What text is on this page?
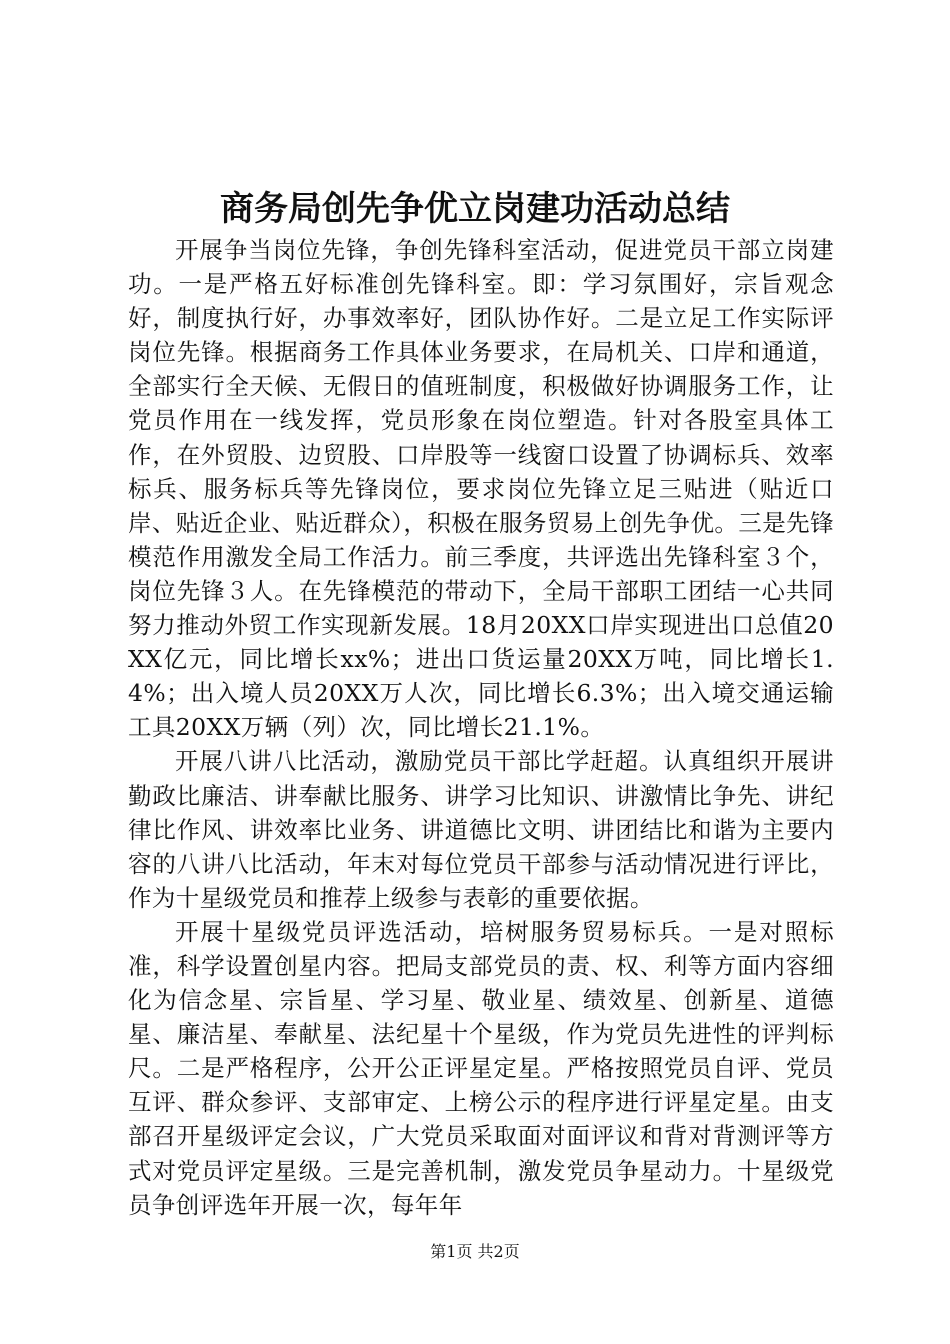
商务局创先争优立岗建功活动总结

开展争当岗位先锋，争创先锋科室活动，促进党员干部立岗建功。一是严格五好标准创先锋科室。即：学习氛围好，宗旨观念好，制度执行好，办事效率好，团队协作好。二是立足工作实际评岗位先锋。根据商务工作具体业务要求，在局机关、口岸和通道，全部实行全天候、无假日的值班制度，积极做好协调服务工作，让党员作用在一线发挥，党员形象在岗位塑造。针对各股室具体工作，在外贸股、边贸股、口岸股等一线窗口设置了协调标兵、效率标兵、服务标兵等先锋岗位，要求岗位先锋立足三贴进（贴近口岸、贴近企业、贴近群众），积极在服务贸易上创先争优。三是先锋模范作用激发全局工作活力。前三季度，共评选出先锋科室３个，岗位先锋３人。在先锋模范的带动下，全局干部职工团结一心共同努力推动外贸工作实现新发展。18月20XX口岸实现进出口总值20XX亿元，同比增长xx%；进出口货运量20XX万吨，同比增长1.4%；出入境人员20XX万人次，同比增长6.3%；出入境交通运输工具20XX万辆（列）次，同比增长21.1%。

开展八讲八比活动，激励党员干部比学赶超。认真组织开展讲勤政比廉洁、讲奉献比服务、讲学习比知识、讲激情比争先、讲纪律比作风、讲效率比业务、讲道德比文明、讲团结比和谐为主要内容的八讲八比活动，年末对每位党员干部参与活动情况进行评比，作为十星级党员和推荐上级参与表彰的重要依据。

开展十星级党员评选活动，培树服务贸易标兵。一是对照标准，科学设置创星内容。把局支部党员的责、权、利等方面内容细化为信念星、宗旨星、学习星、敬业星、绩效星、创新星、道德星、廉洁星、奉献星、法纪星十个星级，作为党员先进性的评判标尺。二是严格程序，公开公正评星定星。严格按照党员自评、党员互评、群众参评、支部审定、上榜公示的程序进行评星定星。由支部召开星级评定会议，广大党员采取面对面评议和背对背测评等方式对党员评定星级。三是完善机制，激发党员争星动力。十星级党员争创评选年开展一次，每年年

第1页 共2页
